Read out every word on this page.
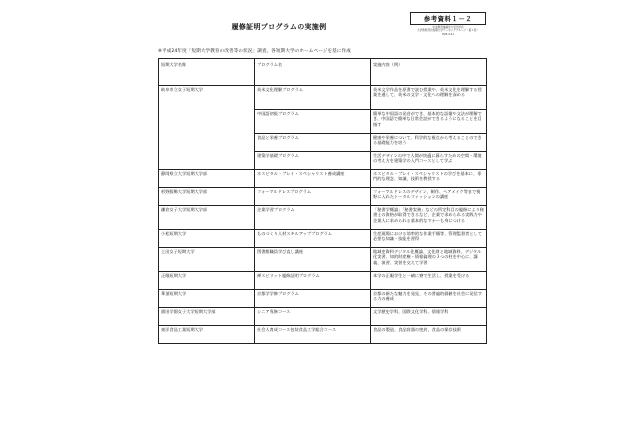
履修証明プログラムの実施例
参考資料１－２
中央教育審議会大学分科会
大学教育部会短期大学ワーキンググループ（第４回）
H26.4.21
※平成24年度「短期大学教育の改善等の状況」調査、各短期大学のホームページを基に作成
短期大学名称	プログラム名	実施内容（例）
岐阜市立女子短期大学	英米文化理解プログラム	英米文学作品を原書で読む授業や、英米文化を理解する授業を通して、英米の文学・文化への理解を深める
	中国語初級プログラム	簡単な中国語の発音ができ、基本的な語彙や文法が理解でき、中国語で簡単な日常会話ができるようになることを目指す
	食品と栄養プログラム	健康や栄養について、科学的な視点から考えることのできる基礎能力を培う
	建築学基礎プログラム	生活デザインの中で人間が快適に暮らすための空間・環境の考え方を建築学の入門コースとして学ぶ
静岡県立大学短期大学部	ホスピタル・プレイ・スペシャリスト養成講座	ホスピタル・プレイ・スペシャリストの学びを基本に、専門的な理念、知識、技術を教授する
杉野服飾大学短期大学部	フォーマルドレスプログラム	フォーマルドレスのデザイン、制作、ヘアメイク等まで視野に入れたトータルファッションの講座
鎌倉女子大学短期大学部	企業学習プログラム	「秘書学概論」「秘書実務」などの所定科目の履修により秘書士の資格が取得できるなど、企業で求められる実践力や企業人に求められる基本的なマナーも身につける
小松短期大学	ものづくり人材スキルアッププログラム	生産現場における効率的な作業手順等、管理監督者として必要な知識・技能を習得
上田女子短期大学	図書館職員学び直し講座	地域史資料デジタル化概論、文化財と地域資料、デジタル化実習、知的財産権・情報倫理の３つの柱を中心に、講義、演習、実習を交えて学習
正眼短期大学	禅スピリット履修証明プログラム	本学の正眼学生と一緒に寮で生活し、授業を受ける
華頂短期大学	京都学学修プログラム	京都の新たな魅力を発見、その普遍的価値を社会に発信する力の養成
園田学園女子大学短期大学部	シニア専修コース	文学歴史学科、国際文化学科、情報学科
東洋食品工業短期大学	社会人育成コース包装食品工学総合コース	食品の製造、食品容器の密封、食品の保存技術
